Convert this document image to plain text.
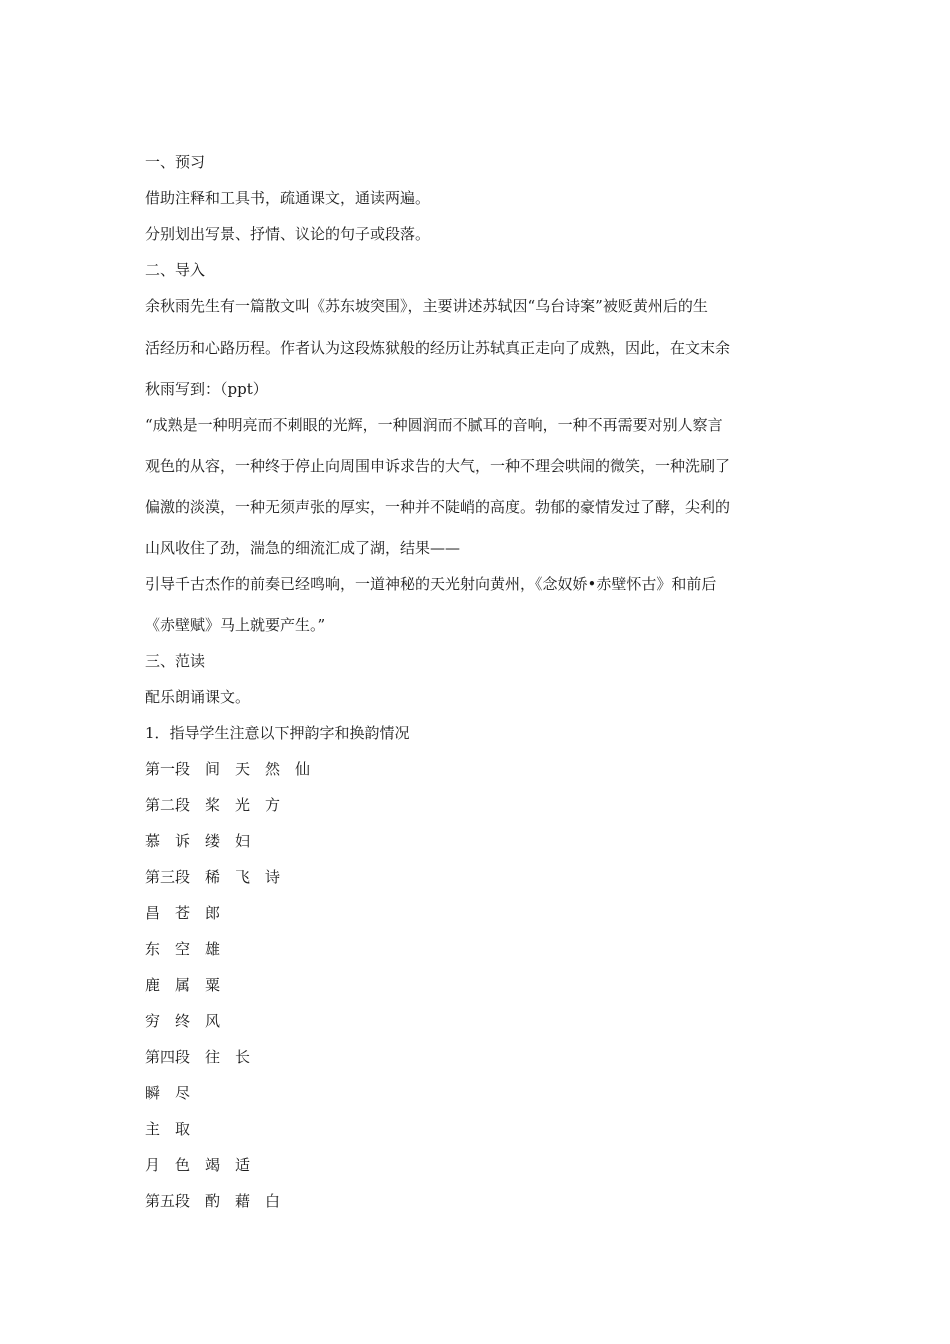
一、预习
借助注释和工具书，疏通课文，通读两遍。
分别划出写景、抒情、议论的句子或段落。
二、导入
余秋雨先生有一篇散文叫《苏东坡突围》，主要讲述苏轼因“乌台诗案”被贬黄州后的生
活经历和心路历程。作者认为这段炼狱般的经历让苏轼真正走向了成熟，因此，在文末余
秋雨写到：（ppt）
“成熟是一种明亮而不刺眼的光辉，一种圆润而不腻耳的音响，一种不再需要对别人察言
观色的从容，一种终于停止向周围申诉求告的大气，一种不理会哄闹的微笑，一种洗刷了
偏激的淡漠，一种无须声张的厚实，一种并不陡峭的高度。勃郁的豪情发过了酵，尖利的
山风收住了劲，湍急的细流汇成了湖，结果——
引导千古杰作的前奏已经鸣响，一道神秘的天光射向黄州，《念奴娇•赤壁怀古》和前后
《赤壁赋》马上就要产生。”
三、范读
配乐朗诵课文。
1．指导学生注意以下押韵字和换韵情况
第一段　间　天　然　仙
第二段　桨　光　方
慕　诉　缕　妇
第三段　稀　飞　诗
昌　苍　郎
东　空　雄
鹿　属　粟
穷　终　风
第四段　往　长
瞬　尽
主　取
月　色　竭　适
第五段　酌　藉　白
